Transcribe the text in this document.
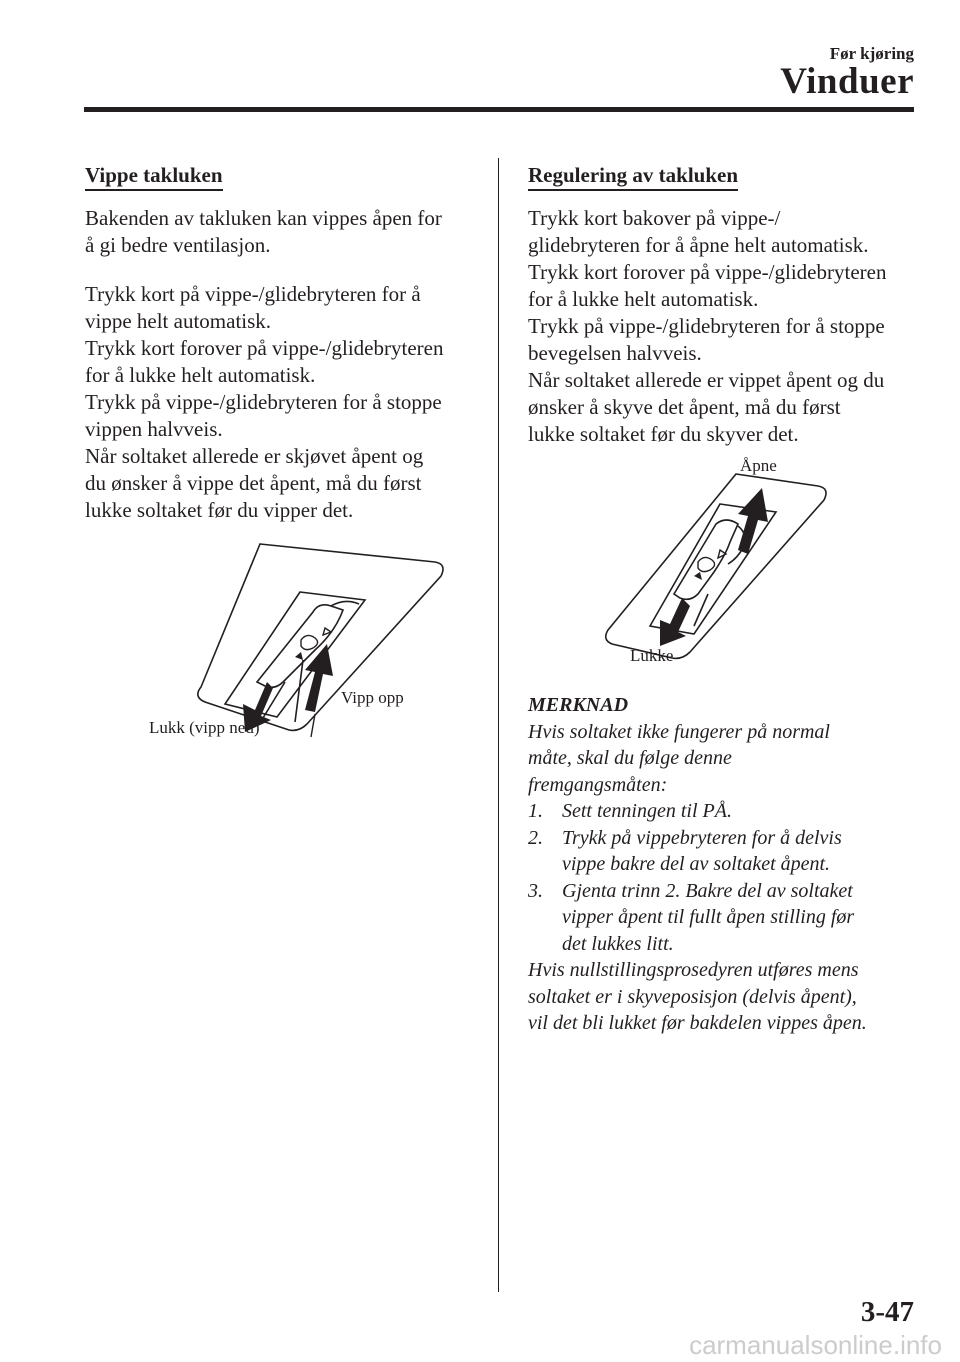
Før kjøring
Vinduer
Vippe takluken
Bakenden av takluken kan vippes åpen for
å gi bedre ventilasjon.
Trykk kort på vippe-/glidebryteren for å
vippe helt automatisk.
Trykk kort forover på vippe-/glidebryteren
for å lukke helt automatisk.
Trykk på vippe-/glidebryteren for å stoppe
vippen halvveis.
Når soltaket allerede er skjøvet åpent og
du ønsker å vippe det åpent, må du først
lukke soltaket før du vipper det.
Vipp opp
Lukk (vipp ned)
Regulering av takluken
Trykk kort bakover på vippe-/
glidebryteren for å åpne helt automatisk.
Trykk kort forover på vippe-/glidebryteren
for å lukke helt automatisk.
Trykk på vippe-/glidebryteren for å stoppe
bevegelsen halvveis.
Når soltaket allerede er vippet åpent og du
ønsker å skyve det åpent, må du først
lukke soltaket før du skyver det.
Åpne
Lukke
MERKNAD
Hvis soltaket ikke fungerer på normal
måte, skal du følge denne
fremgangsmåten:
1. Sett tenningen til PÅ.
2. Trykk på vippebryteren for å delvis
vippe bakre del av soltaket åpent.
3. Gjenta trinn 2. Bakre del av soltaket
vipper åpent til fullt åpen stilling før
det lukkes litt.
Hvis nullstillingsprosedyren utføres mens
soltaket er i skyveposisjon (delvis åpent),
vil det bli lukket før bakdelen vippes åpen.
3-47
carmanualsonline.info
